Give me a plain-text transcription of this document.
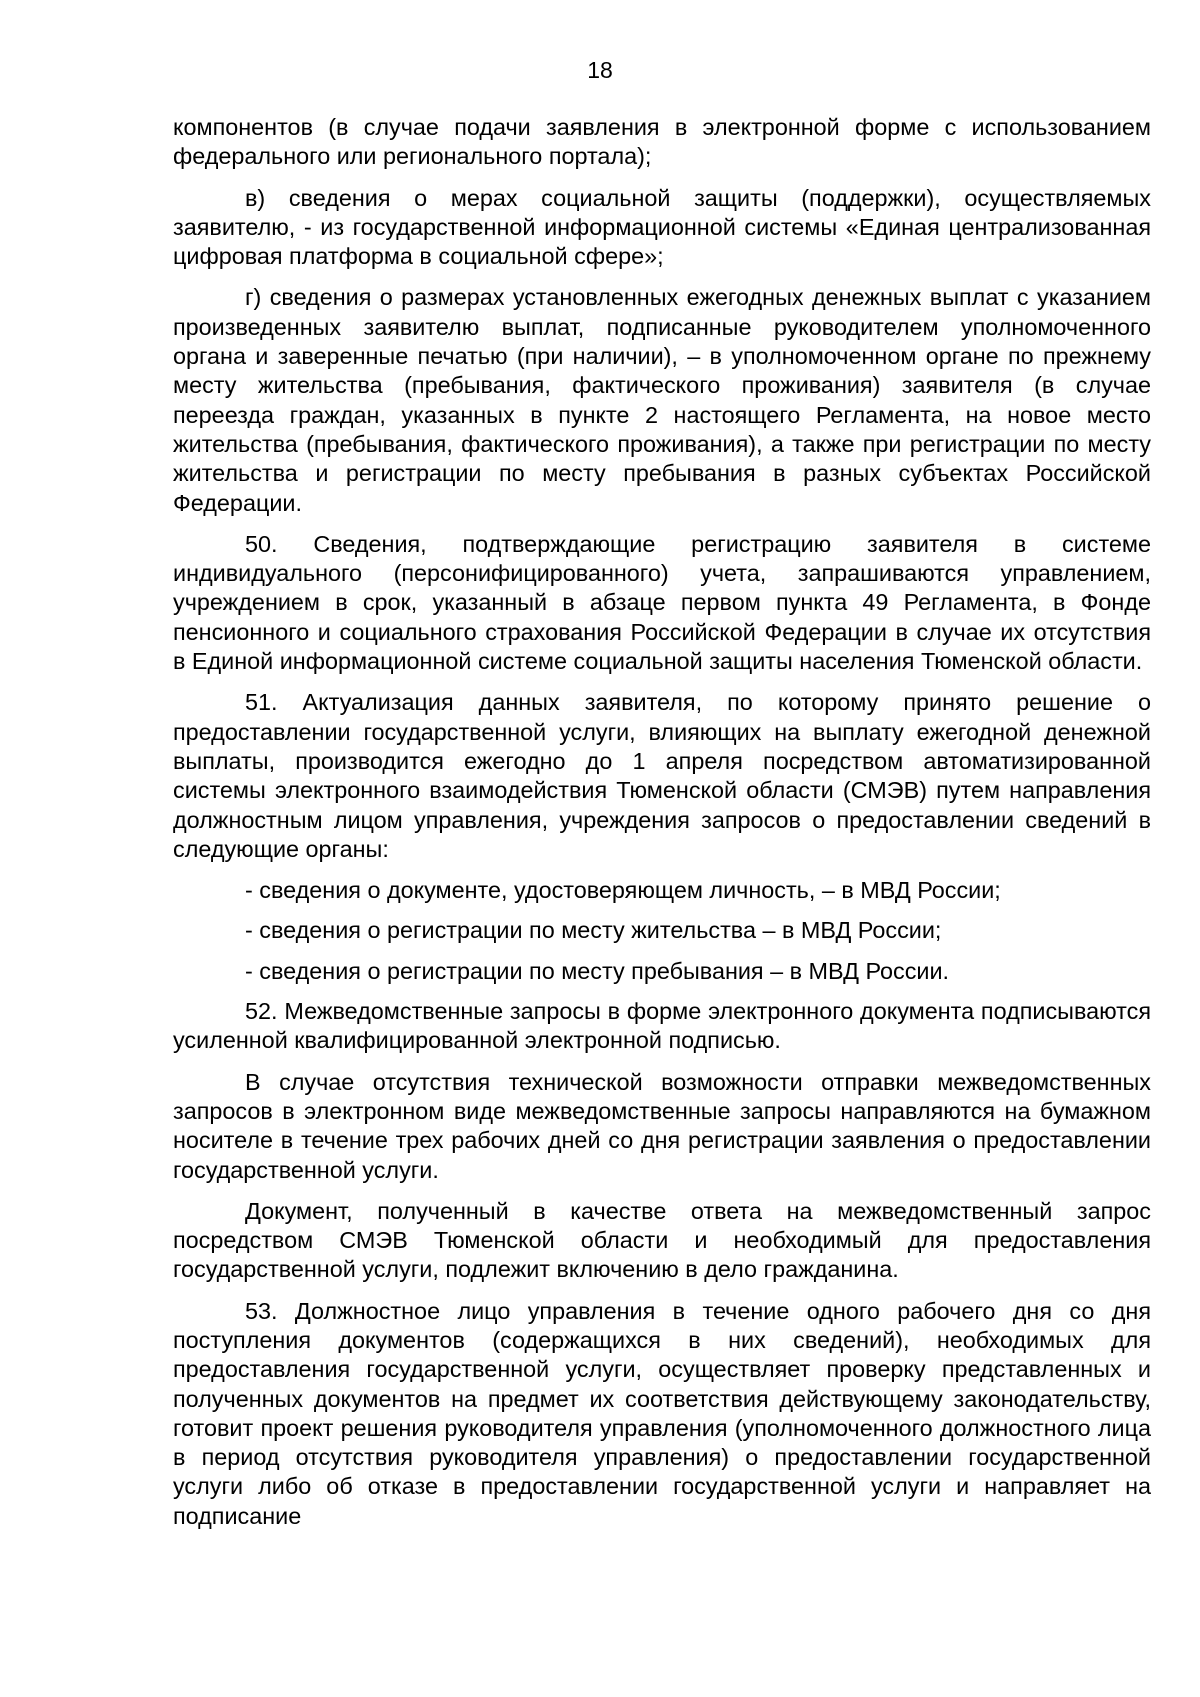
18

компонентов (в случае подачи заявления в электронной форме с использованием федерального или регионального портала);

в) сведения о мерах социальной защиты (поддержки), осуществляемых заявителю, - из государственной информационной системы «Единая централизованная цифровая платформа в социальной сфере»;

г) сведения о размерах установленных ежегодных денежных выплат с указанием произведенных заявителю выплат, подписанные руководителем уполномоченного органа и заверенные печатью (при наличии), – в уполномоченном органе по прежнему месту жительства (пребывания, фактического проживания) заявителя (в случае переезда граждан, указанных в пункте 2 настоящего Регламента, на новое место жительства (пребывания, фактического проживания), а также при регистрации по месту жительства и регистрации по месту пребывания в разных субъектах Российской Федерации.

50. Сведения, подтверждающие регистрацию заявителя в системе индивидуального (персонифицированного) учета, запрашиваются управлением, учреждением в срок, указанный в абзаце первом пункта 49 Регламента, в Фонде пенсионного и социального страхования Российской Федерации в случае их отсутствия в Единой информационной системе социальной защиты населения Тюменской области.

51. Актуализация данных заявителя, по которому принято решение о предоставлении государственной услуги, влияющих на выплату ежегодной денежной выплаты, производится ежегодно до 1 апреля посредством автоматизированной системы электронного взаимодействия Тюменской области (СМЭВ) путем направления должностным лицом управления, учреждения запросов о предоставлении сведений в следующие органы:

- сведения о документе, удостоверяющем личность, – в МВД России;

- сведения о регистрации по месту жительства – в МВД России;

- сведения о регистрации по месту пребывания – в МВД России.

52. Межведомственные запросы в форме электронного документа подписываются усиленной квалифицированной электронной подписью.

В случае отсутствия технической возможности отправки межведомственных запросов в электронном виде межведомственные запросы направляются на бумажном носителе в течение трех рабочих дней со дня регистрации заявления о предоставлении государственной услуги.

Документ, полученный в качестве ответа на межведомственный запрос посредством СМЭВ Тюменской области и необходимый для предоставления государственной услуги, подлежит включению в дело гражданина.

53. Должностное лицо управления в течение одного рабочего дня со дня поступления документов (содержащихся в них сведений), необходимых для предоставления государственной услуги, осуществляет проверку представленных и полученных документов на предмет их соответствия действующему законодательству, готовит проект решения руководителя управления (уполномоченного должностного лица в период отсутствия руководителя управления) о предоставлении государственной услуги либо об отказе в предоставлении государственной услуги и направляет на подписание
